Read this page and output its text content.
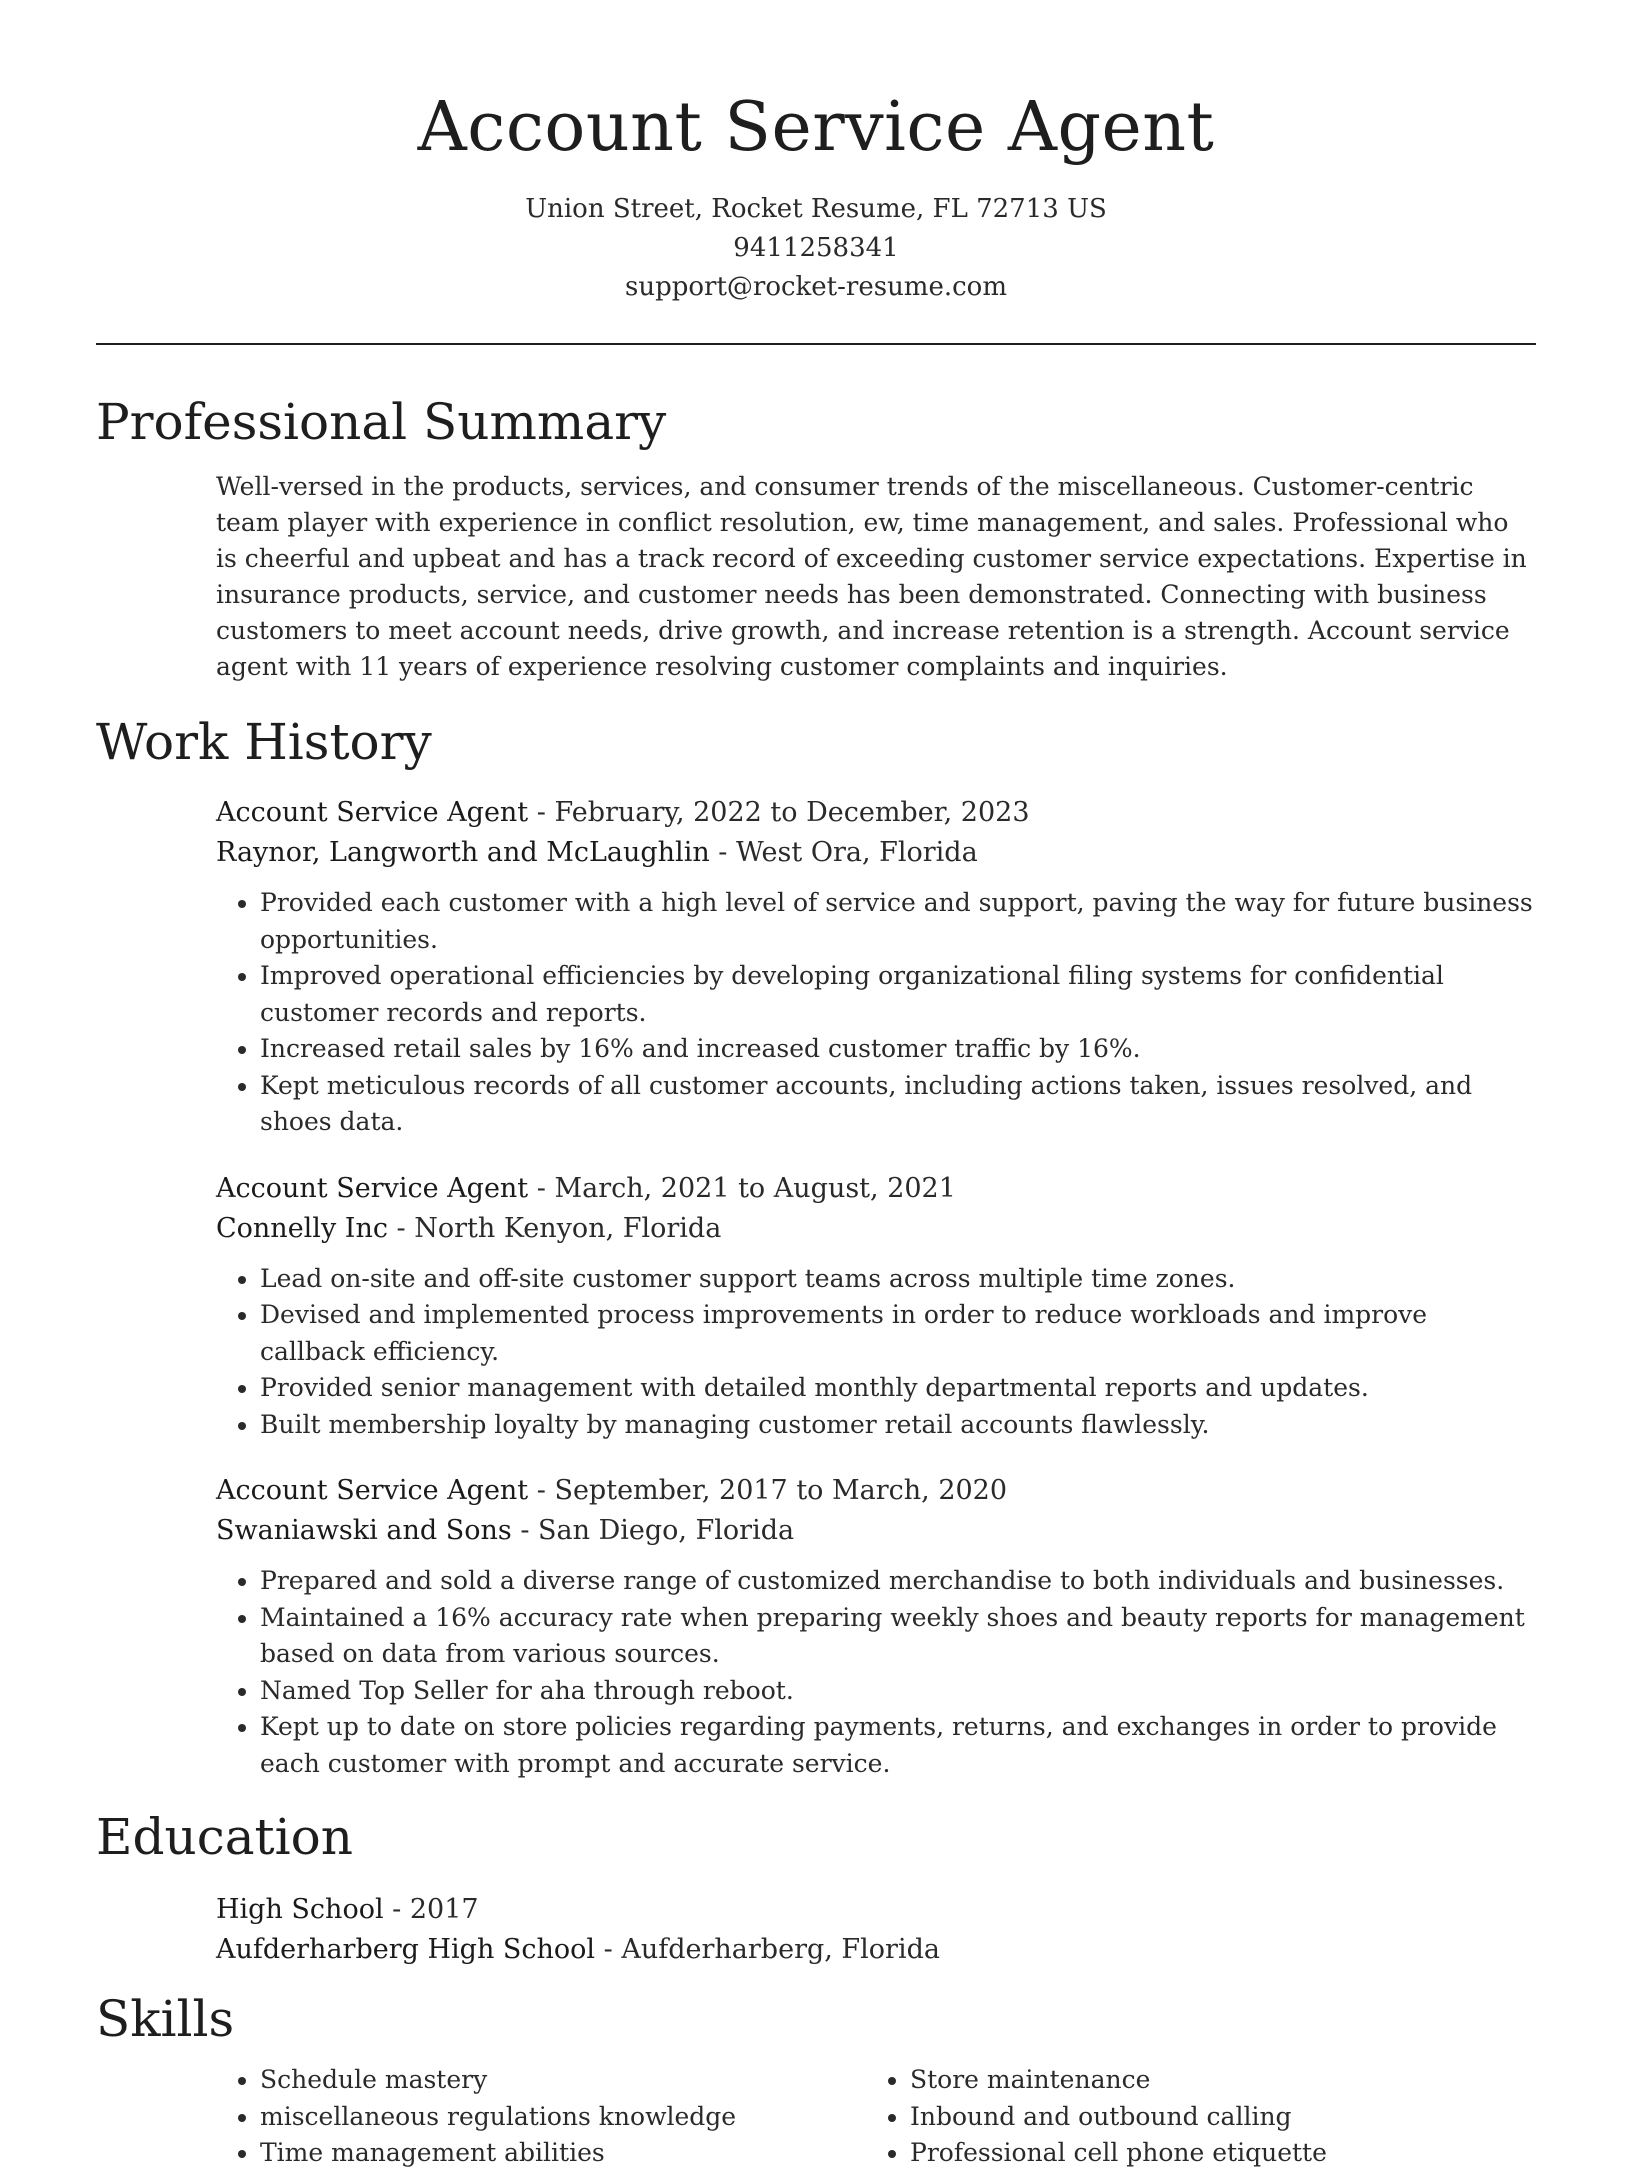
Account Service Agent
Union Street, Rocket Resume, FL 72713 US
9411258341
support@rocket-resume.com
Professional Summary

Well-versed in the products, services, and consumer trends of the miscellaneous. Customer-centric team player with experience in conflict resolution, ew, time management, and sales. Professional who is cheerful and upbeat and has a track record of exceeding customer service expectations. Expertise in insurance products, service, and customer needs has been demonstrated. Connecting with business customers to meet account needs, drive growth, and increase retention is a strength. Account service agent with 11 years of experience resolving customer complaints and inquiries.

Work History
Account Service Agent - February, 2022 to December, 2023
Raynor, Langworth and McLaughlin - West Ora, Florida
• Provided each customer with a high level of service and support, paving the way for future business opportunities.
• Improved operational efficiencies by developing organizational filing systems for confidential customer records and reports.
• Increased retail sales by 16% and increased customer traffic by 16%.
• Kept meticulous records of all customer accounts, including actions taken, issues resolved, and shoes data.
Account Service Agent - March, 2021 to August, 2021
Connelly Inc - North Kenyon, Florida
• Lead on-site and off-site customer support teams across multiple time zones.
• Devised and implemented process improvements in order to reduce workloads and improve callback efficiency.
• Provided senior management with detailed monthly departmental reports and updates.
• Built membership loyalty by managing customer retail accounts flawlessly.
Account Service Agent - September, 2017 to March, 2020
Swaniawski and Sons - San Diego, Florida
• Prepared and sold a diverse range of customized merchandise to both individuals and businesses.
• Maintained a 16% accuracy rate when preparing weekly shoes and beauty reports for management based on data from various sources.
• Named Top Seller for aha through reboot.
• Kept up to date on store policies regarding payments, returns, and exchanges in order to provide each customer with prompt and accurate service.
Education
High School - 2017
Aufderharberg High School - Aufderharberg, Florida
Skills
• Schedule mastery
• miscellaneous regulations knowledge
• Time management abilities
• Store maintenance
• Inbound and outbound calling
• Professional cell phone etiquette
